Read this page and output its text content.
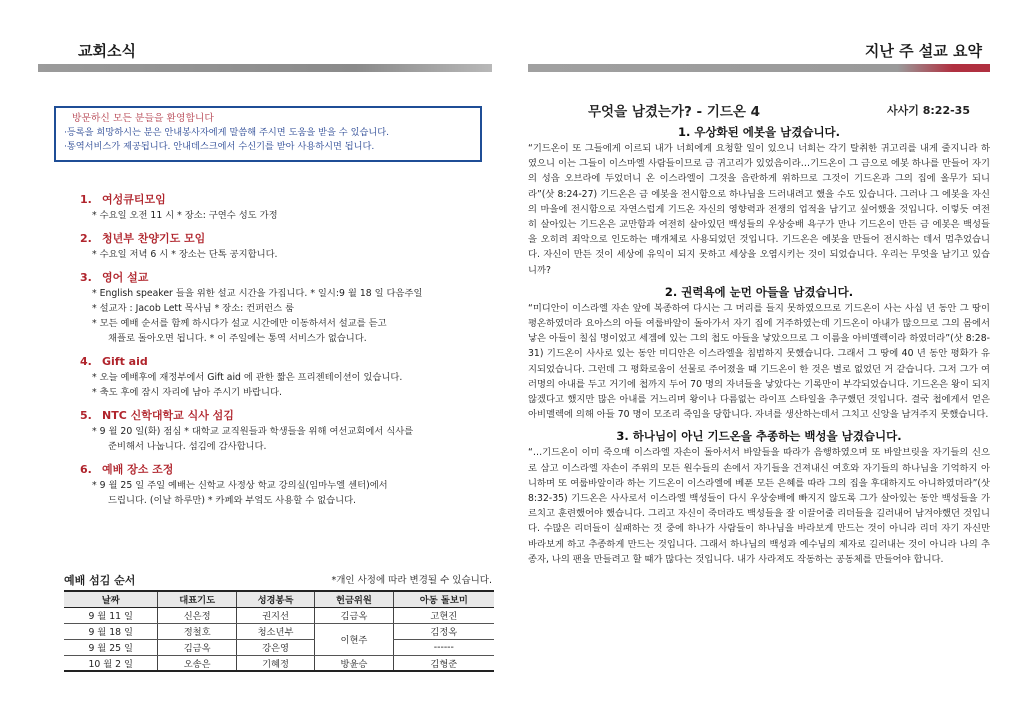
교회소식
방문하신 모든 분들을 환영합니다
·등록을 희망하시는 분은 안내봉사자에게 말씀해 주시면 도움을 받을 수 있습니다.
·통역서비스가 제공됩니다. 안내데스크에서 수신기를 받아 사용하시면 됩니다.
1. 여성큐티모임
* 수요일 오전 11 시 * 장소: 구연수 성도 가정
2. 청년부 찬양기도 모임
* 수요일 저녁 6 시 * 장소는 단톡 공지합니다.
3. 영어 설교
* English speaker 들을 위한 설교 시간을 가집니다. * 일시:9 월 18 일 다음주일
* 설교자 : Jacob Lett 목사님 * 장소: 컨퍼런스 룸
* 모든 예배 순서를 함께 하시다가 설교 시간에만 이동하셔서 설교를 듣고
채플로 돌아오면 됩니다. * 이 주일에는 통역 서비스가 없습니다.
4. Gift aid
* 오늘 예배후에 재정부에서 Gift aid 에 관한 짧은 프리젠테이션이 있습니다.
* 축도 후에 잠시 자리에 남아 주시기 바랍니다.
5. NTC 신학대학교 식사 섬김
* 9 월 20 일(화) 점심 * 대학교 교직원들과 학생들을 위해 여선교회에서 식사를
준비해서 나눕니다. 섬김에 감사합니다.
6. 예배 장소 조정
* 9 월 25 일 주일 예배는 신학교 사정상 학교 강의실(임마누엘 센터)에서
드립니다. (이날 하루만) * 카페와 부엌도 사용할 수 없습니다.
예배 섬김 순서	*개인 사정에 따라 변경될 수 있습니다.
날짜	대표기도	성경봉독	헌금위원	아동 돌보미
9 월 11 일	신은정	권지선	김금옥	고현진
9 월 18 일	정철호	청소년부	이현주	김정옥
9 월 25 일	김금옥	강은영		------
10 월 2 일	오송은	기혜정	방윤승	김형준
지난 주 설교 요약
무엇을 남겼는가? - 기드온 4	사사기 8:22-35
1. 우상화된 에봇을 남겼습니다.
“기드온이 또 그들에게 이르되 내가 너희에게 요청할 일이 있으니 너희는 각기 탈취한 귀고리를 내게 줄지니라 하였으니 이는 그들이 이스마엘 사람들이므로 금 귀고리가 있었음이라…기드온이 그 금으로 에봇 하나를 만들어 자기의 성읍 오브라에 두었더니 온 이스라엘이 그것을 음란하게 위하므로 그것이 기드온과 그의 집에 올무가 되니라”(삿 8:24-27) 기드온은 금 에봇을 전시함으로 하나님을 드러내려고 했을 수도 있습니다. 그러나 그 에봇을 자신의 마을에 전시함으로 자연스럽게 기드온 자신의 영향력과 전쟁의 업적을 남기고 싶어했을 것입니다. 이렇듯 여전히 살아있는 기드온은 교만함과 여전히 살아있던 백성들의 우상숭배 욕구가 만나 기드온이 만든 금 에봇은 백성들을 오히려 죄악으로 인도하는 매개체로 사용되었던 것입니다. 기드온은 에봇을 만들어 전시하는 데서 멈추었습니다. 자신이 만든 것이 세상에 유익이 되지 못하고 세상을 오염시키는 것이 되었습니다. 우리는 무엇을 남기고 있습니까?
2. 권력욕에 눈먼 아들을 남겼습니다.
“미디안이 이스라엘 자손 앞에 복종하여 다시는 그 머리를 들지 못하였으므로 기드온이 사는 사십 년 동안 그 땅이 평온하였더라 요아스의 아들 여룹바알이 돌아가서 자기 집에 거주하였는데 기드온이 아내가 많으므로 그의 몸에서 낳은 아들이 칠십 명이었고 세겜에 있는 그의 첩도 아들을 낳았으므로 그 이름을 아비멜렉이라 하였더라”(삿 8:28-31) 기드온이 사사로 있는 동안 미디안은 이스라엘을 침범하지 못했습니다. 그래서 그 땅에 40 년 동안 평화가 유지되었습니다. 그런데 그 평화로움이 선물로 주어졌을 때 기드온이 한 것은 별로 없었던 거 같습니다. 그저 그가 여러명의 아내를 두고 거기에 첩까지 두어 70 명의 자녀들을 낳았다는 기록만이 부각되었습니다. 기드온은 왕이 되지 않겠다고 했지만 많은 아내를 거느리며 왕이나 다름없는 라이프 스타일을 추구했던 것입니다. 결국 첩에게서 얻은 아비멜렉에 의해 아들 70 명이 모조리 죽임을 당합니다. 자녀를 생산하는데서 그치고 신앙을 남겨주지 못했습니다.
3. 하나님이 아닌 기드온을 추종하는 백성을 남겼습니다.
“…기드온이 이미 죽으매 이스라엘 자손이 돌아서서 바알들을 따라가 음행하였으며 또 바알브릿을 자기들의 신으로 삼고 이스라엘 자손이 주위의 모든 원수들의 손에서 자기들을 건져내신 여호와 자기들의 하나님을 기억하지 아니하며 또 여룹바알이라 하는 기드온이 이스라엘에 베푼 모든 은혜를 따라 그의 집을 후대하지도 아니하였더라”(삿 8:32-35) 기드온은 사사로서 이스라엘 백성들이 다시 우상숭배에 빠지지 않도록 그가 살아있는 동안 백성들을 가르치고 훈련했어야 했습니다. 그리고 자신이 죽더라도 백성들을 잘 이끌어줄 리더들을 길러내어 남겨야했던 것입니다. 수많은 리더들이 실패하는 것 중에 하나가 사람들이 하나님을 바라보게 만드는 것이 아니라 리더 자기 자신만 바라보게 하고 추종하게 만드는 것입니다. 그래서 하나님의 백성과 예수님의 제자로 길러내는 것이 아니라 나의 추종자, 나의 팬을 만들려고 할 때가 많다는 것입니다. 내가 사라져도 작동하는 공동체를 만들어야 합니다.
